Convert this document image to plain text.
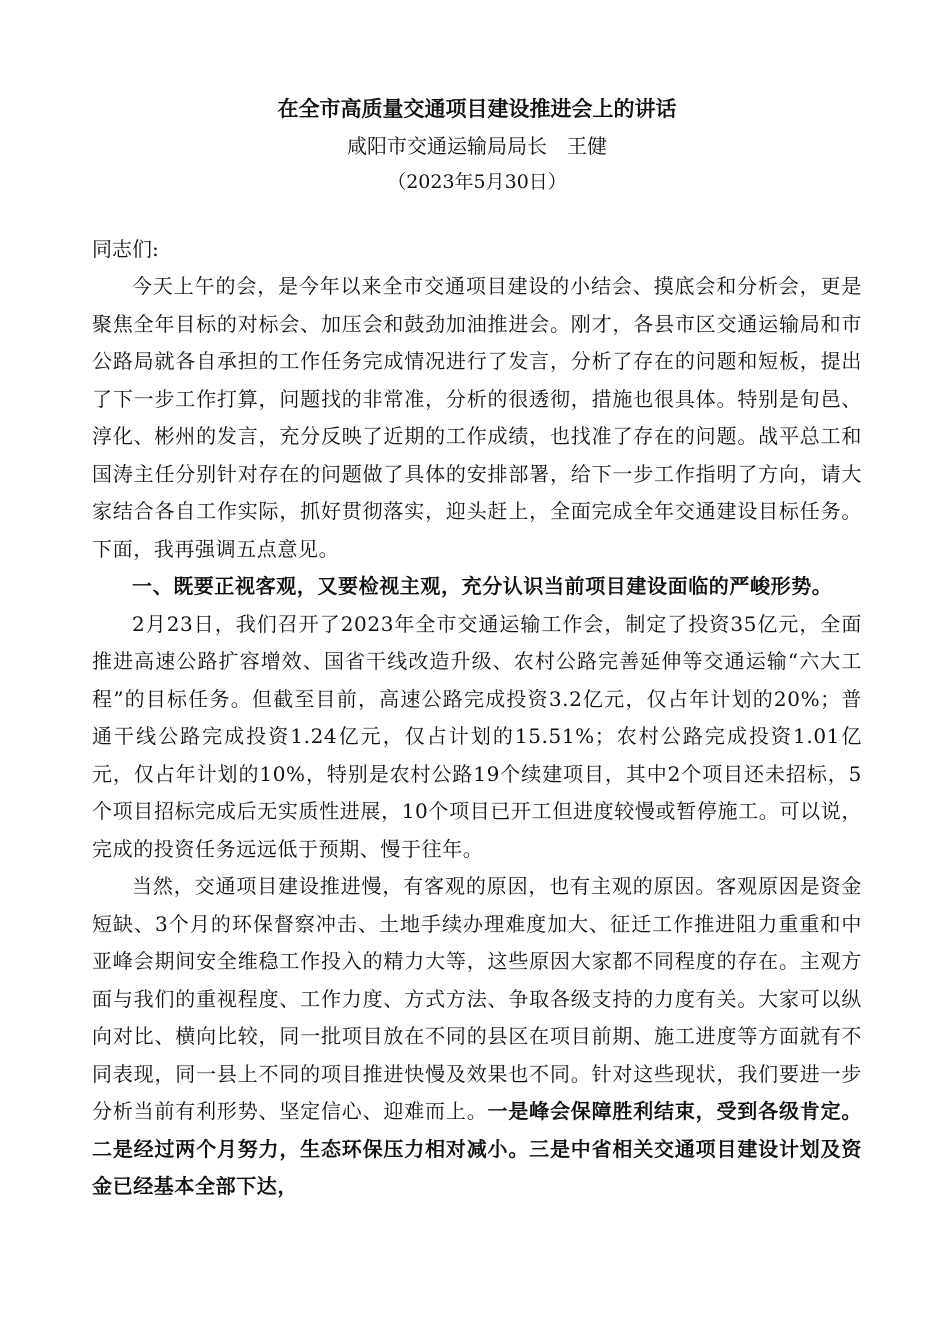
在全市高质量交通项目建设推进会上的讲话
咸阳市交通运输局局长　王健
（2023年5月30日）
同志们:

今天上午的会，是今年以来全市交通项目建设的小结会、摸底会和分析会，更是聚焦全年目标的对标会、加压会和鼓劲加油推进会。刚才，各县市区交通运输局和市公路局就各自承担的工作任务完成情况进行了发言，分析了存在的问题和短板，提出了下一步工作打算，问题找的非常准，分析的很透彻，措施也很具体。特别是旬邑、淳化、彬州的发言，充分反映了近期的工作成绩，也找准了存在的问题。战平总工和国涛主任分别针对存在的问题做了具体的安排部署，给下一步工作指明了方向，请大家结合各自工作实际，抓好贯彻落实，迎头赶上，全面完成全年交通建设目标任务。下面，我再强调五点意见。

一、既要正视客观，又要检视主观，充分认识当前项目建设面临的严峻形势。

2月23日，我们召开了2023年全市交通运输工作会，制定了投资35亿元，全面推进高速公路扩容增效、国省干线改造升级、农村公路完善延伸等交通运输“六大工程”的目标任务。但截至目前，高速公路完成投资3.2亿元，仅占年计划的20%；普通干线公路完成投资1.24亿元，仅占计划的15.51%；农村公路完成投资1.01亿元，仅占年计划的10%，特别是农村公路19个续建项目，其中2个项目还未招标，5个项目招标完成后无实质性进展，10个项目已开工但进度较慢或暂停施工。可以说，完成的投资任务远远低于预期、慢于往年。

当然，交通项目建设推进慢，有客观的原因，也有主观的原因。客观原因是资金短缺、3个月的环保督察冲击、土地手续办理难度加大、征迁工作推进阻力重重和中亚峰会期间安全维稳工作投入的精力大等，这些原因大家都不同程度的存在。主观方面与我们的重视程度、工作力度、方式方法、争取各级支持的力度有关。大家可以纵向对比、横向比较，同一批项目放在不同的县区在项目前期、施工进度等方面就有不同表现，同一县上不同的项目推进快慢及效果也不同。针对这些现状，我们要进一步分析当前有利形势、坚定信心、迎难而上。一是峰会保障胜利结束，受到各级肯定。二是经过两个月努力，生态环保压力相对减小。三是中省相关交通项目建设计划及资金已经基本全部下达，
